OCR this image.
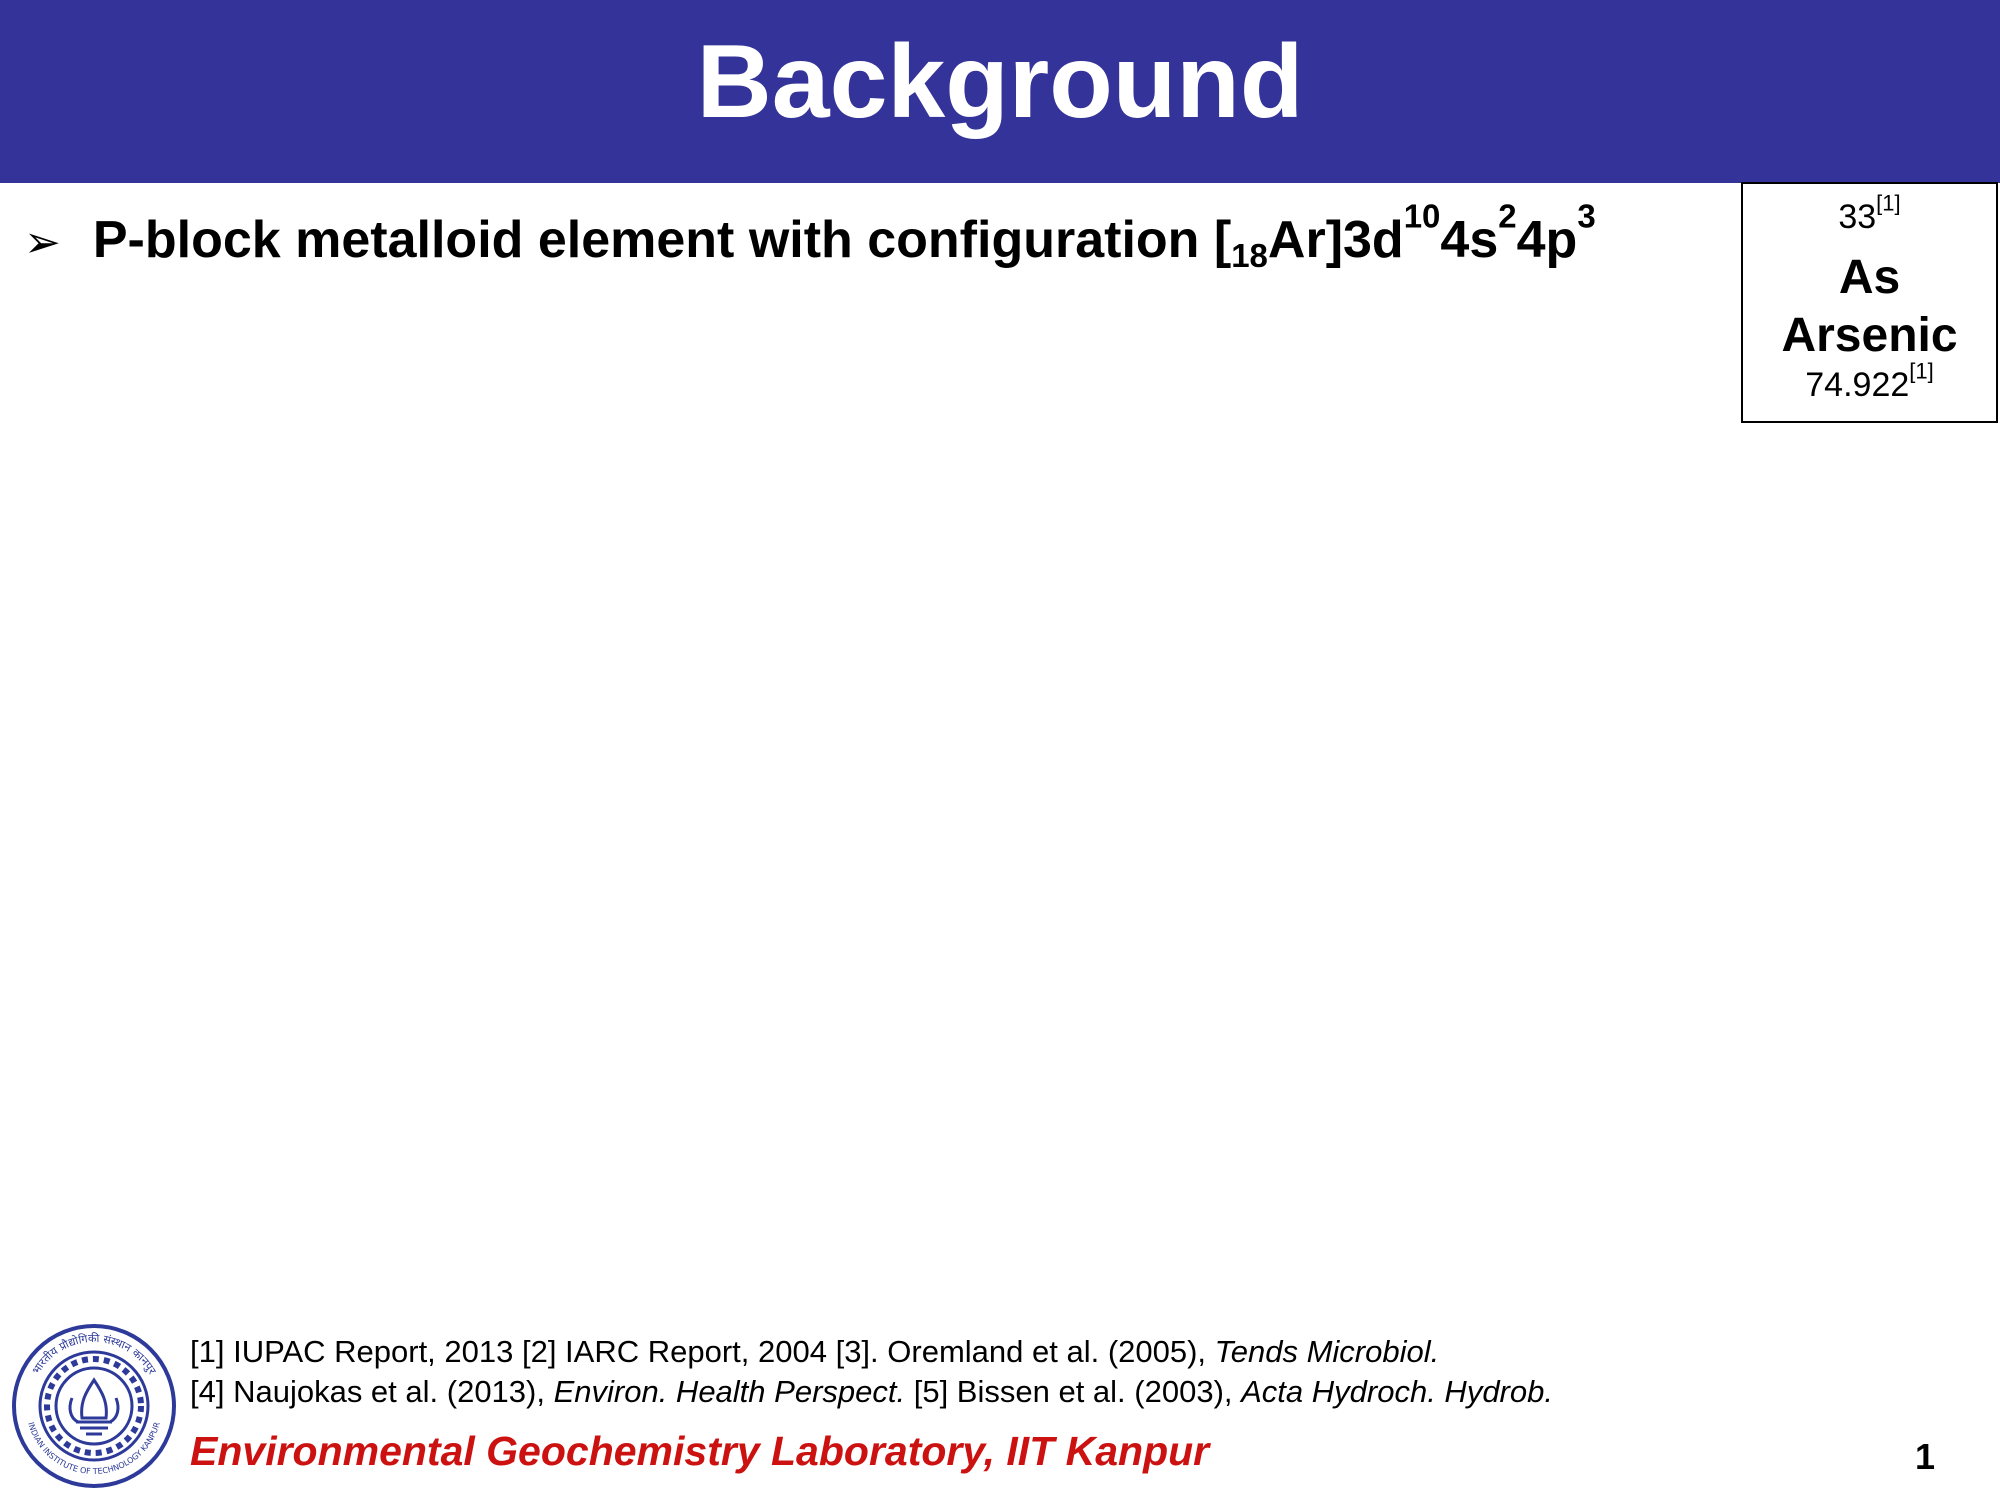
Background
➢ P-block metalloid element with configuration $[_{18}Ar]3d^{10}4s^24p^3$	33[1]
As
Arsenic
74.922[1]
भारतीय प्रौद्योगिकी संस्थान कानपुर
INDIAN INSTITUTE OF TECHNOLOGY KANPUR
[1] IUPAC Report, 2013 [2] IARC Report, 2004 [3]. Oremland et al. (2005), Tends Microbiol.
[4] Naujokas et al. (2013), Environ. Health Perspect. [5] Bissen et al. (2003), Acta Hydroch. Hydrob.
Environmental Geochemistry Laboratory, IIT Kanpur	1
